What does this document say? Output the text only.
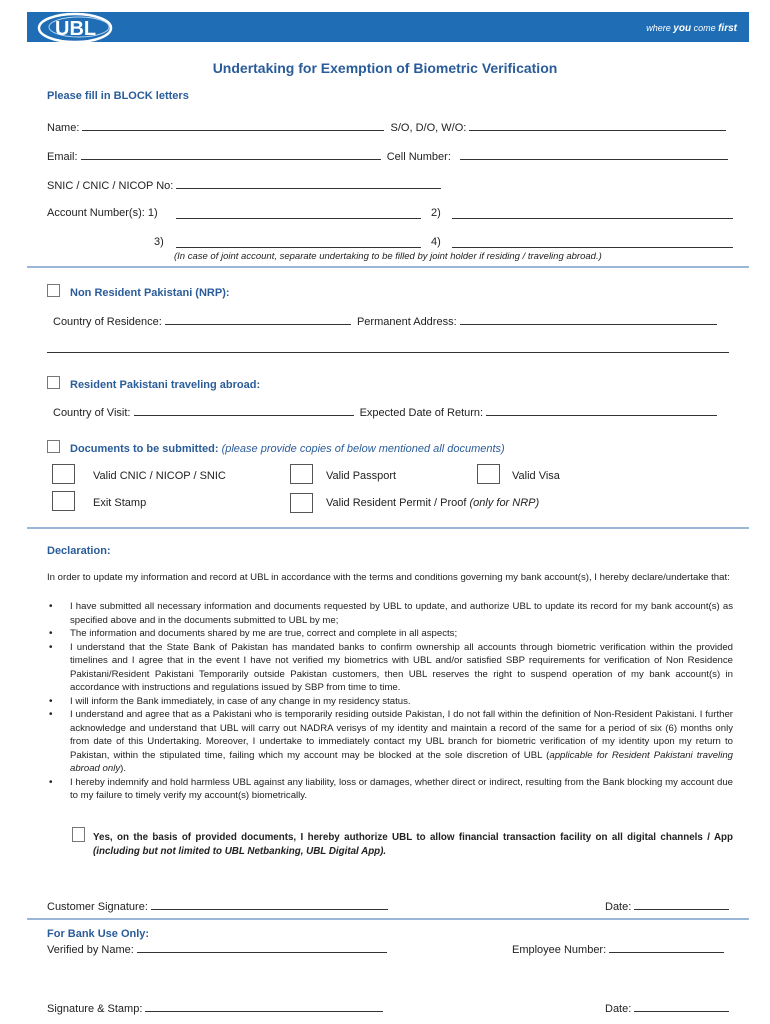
UBL	where you come first
Undertaking for Exemption of Biometric Verification
Please fill in BLOCK letters
Name:	S/O, D/O, W/O:
Email:	Cell Number:
SNIC / CNIC / NICOP No:
Account Number(s): 1)	2)
3)	4)
(In case of joint account, separate undertaking to be filled by joint holder if residing / traveling abroad.)
Non Resident Pakistani (NRP):
Country of Residence:	Permanent Address:
Resident Pakistani traveling abroad:
Country of Visit:	Expected Date of Return:
Documents to be submitted: (please provide copies of below mentioned all documents)
Valid CNIC / NICOP / SNIC	Valid Passport	Valid Visa
Exit Stamp	Valid Resident Permit / Proof (only for NRP)
Declaration:
In order to update my information and record at UBL in accordance with the terms and conditions governing my bank account(s), I hereby declare/undertake that:
• I have submitted all necessary information and documents requested by UBL to update, and authorize UBL to update its record for my bank account(s) as specified above and in the documents submitted to UBL by me;
• The information and documents shared by me are true, correct and complete in all aspects;
• I understand that the State Bank of Pakistan has mandated banks to confirm ownership all accounts through biometric verification within the provided timelines and I agree that in the event I have not verified my biometrics with UBL and/or satisfied SBP requirements for verification of Non Residence Pakistani/Resident Pakistani Temporarily outside Pakistan customers, then UBL reserves the right to suspend operation of my bank account(s) in accordance with instructions and regulations issued by SBP from time to time.
• I will inform the Bank immediately, in case of any change in my residency status.
• I understand and agree that as a Pakistani who is temporarily residing outside Pakistan, I do not fall within the definition of Non-Resident Pakistani. I further acknowledge and understand that UBL will carry out NADRA verisys of my identity and maintain a record of the same for a period of six (6) months only from date of this Undertaking. Moreover, I undertake to immediately contact my UBL branch for biometric verification of my identity upon my return to Pakistan, within the stipulated time, failing which my account may be blocked at the sole discretion of UBL (applicable for Resident Pakistani traveling abroad only).
• I hereby indemnify and hold harmless UBL against any liability, loss or damages, whether direct or indirect, resulting from the Bank blocking my account due to my failure to timely verify my account(s) biometrically.
Yes, on the basis of provided documents, I hereby authorize UBL to allow financial transaction facility on all digital channels / App (including but not limited to UBL Netbanking, UBL Digital App).
Customer Signature:	Date:
For Bank Use Only:
Verified by Name:	Employee Number:
Signature & Stamp:	Date:
